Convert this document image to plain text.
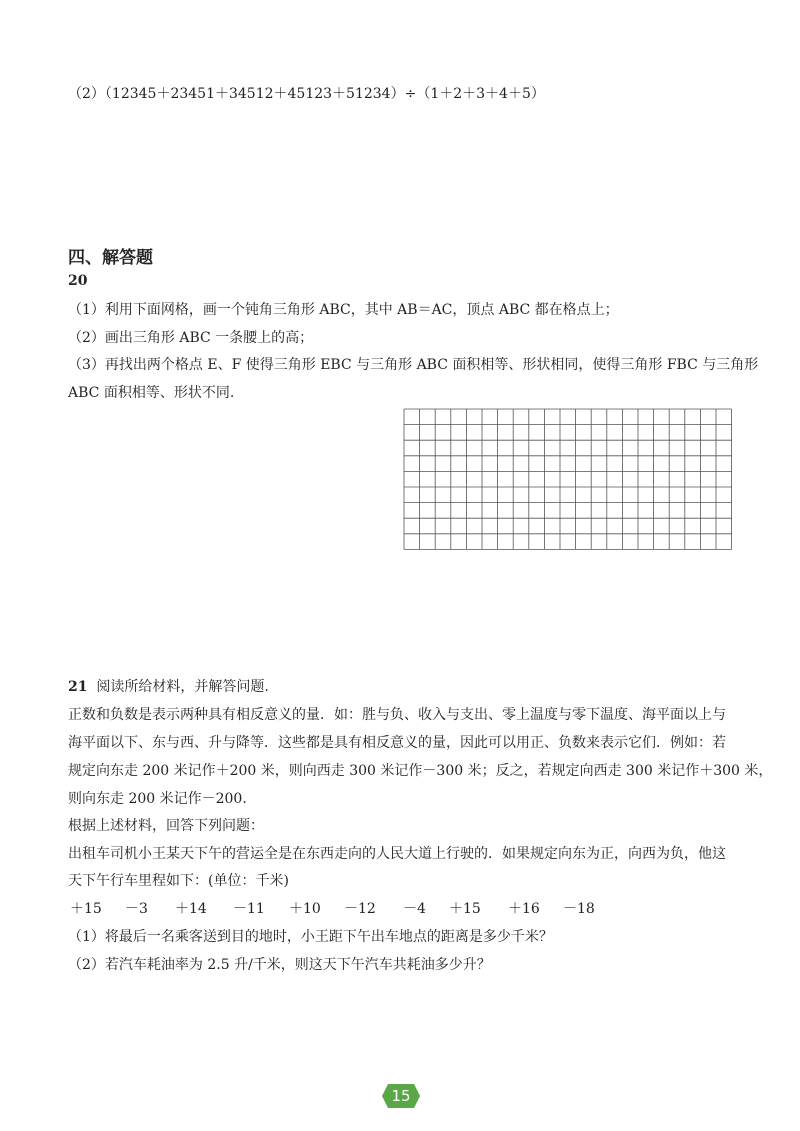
（2）（12345＋23451＋34512＋45123＋51234）÷（1＋2＋3＋4＋5）
四、解答题
20
（1）利用下面网格，画一个钝角三角形 ABC，其中 AB＝AC，顶点 ABC 都在格点上；
（2）画出三角形 ABC 一条腰上的高；
（3）再找出两个格点 E、F 使得三角形 EBC 与三角形 ABC 面积相等、形状相同，使得三角形 FBC 与三角形
ABC 面积相等、形状不同.
21 阅读所给材料，并解答问题.
正数和负数是表示两种具有相反意义的量．如：胜与负、收入与支出、零上温度与零下温度、海平面以上与
海平面以下、东与西、升与降等．这些都是具有相反意义的量，因此可以用正、负数来表示它们．例如：若
规定向东走 200 米记作＋200 米，则向西走 300 米记作－300 米；反之，若规定向西走 300 米记作＋300 米，
则向东走 200 米记作－200.
根据上述材料，回答下列问题：
出租车司机小王某天下午的营运全是在东西走向的人民大道上行驶的．如果规定向东为正，向西为负，他这
天下午行车里程如下：(单位：千米)
＋15 －3 ＋14 －11 ＋10 －12 －4 ＋15 ＋16 －18
（1）将最后一名乘客送到目的地时，小王距下午出车地点的距离是多少千米？
（2）若汽车耗油率为 2.5 升/千米，则这天下午汽车共耗油多少升？
15
